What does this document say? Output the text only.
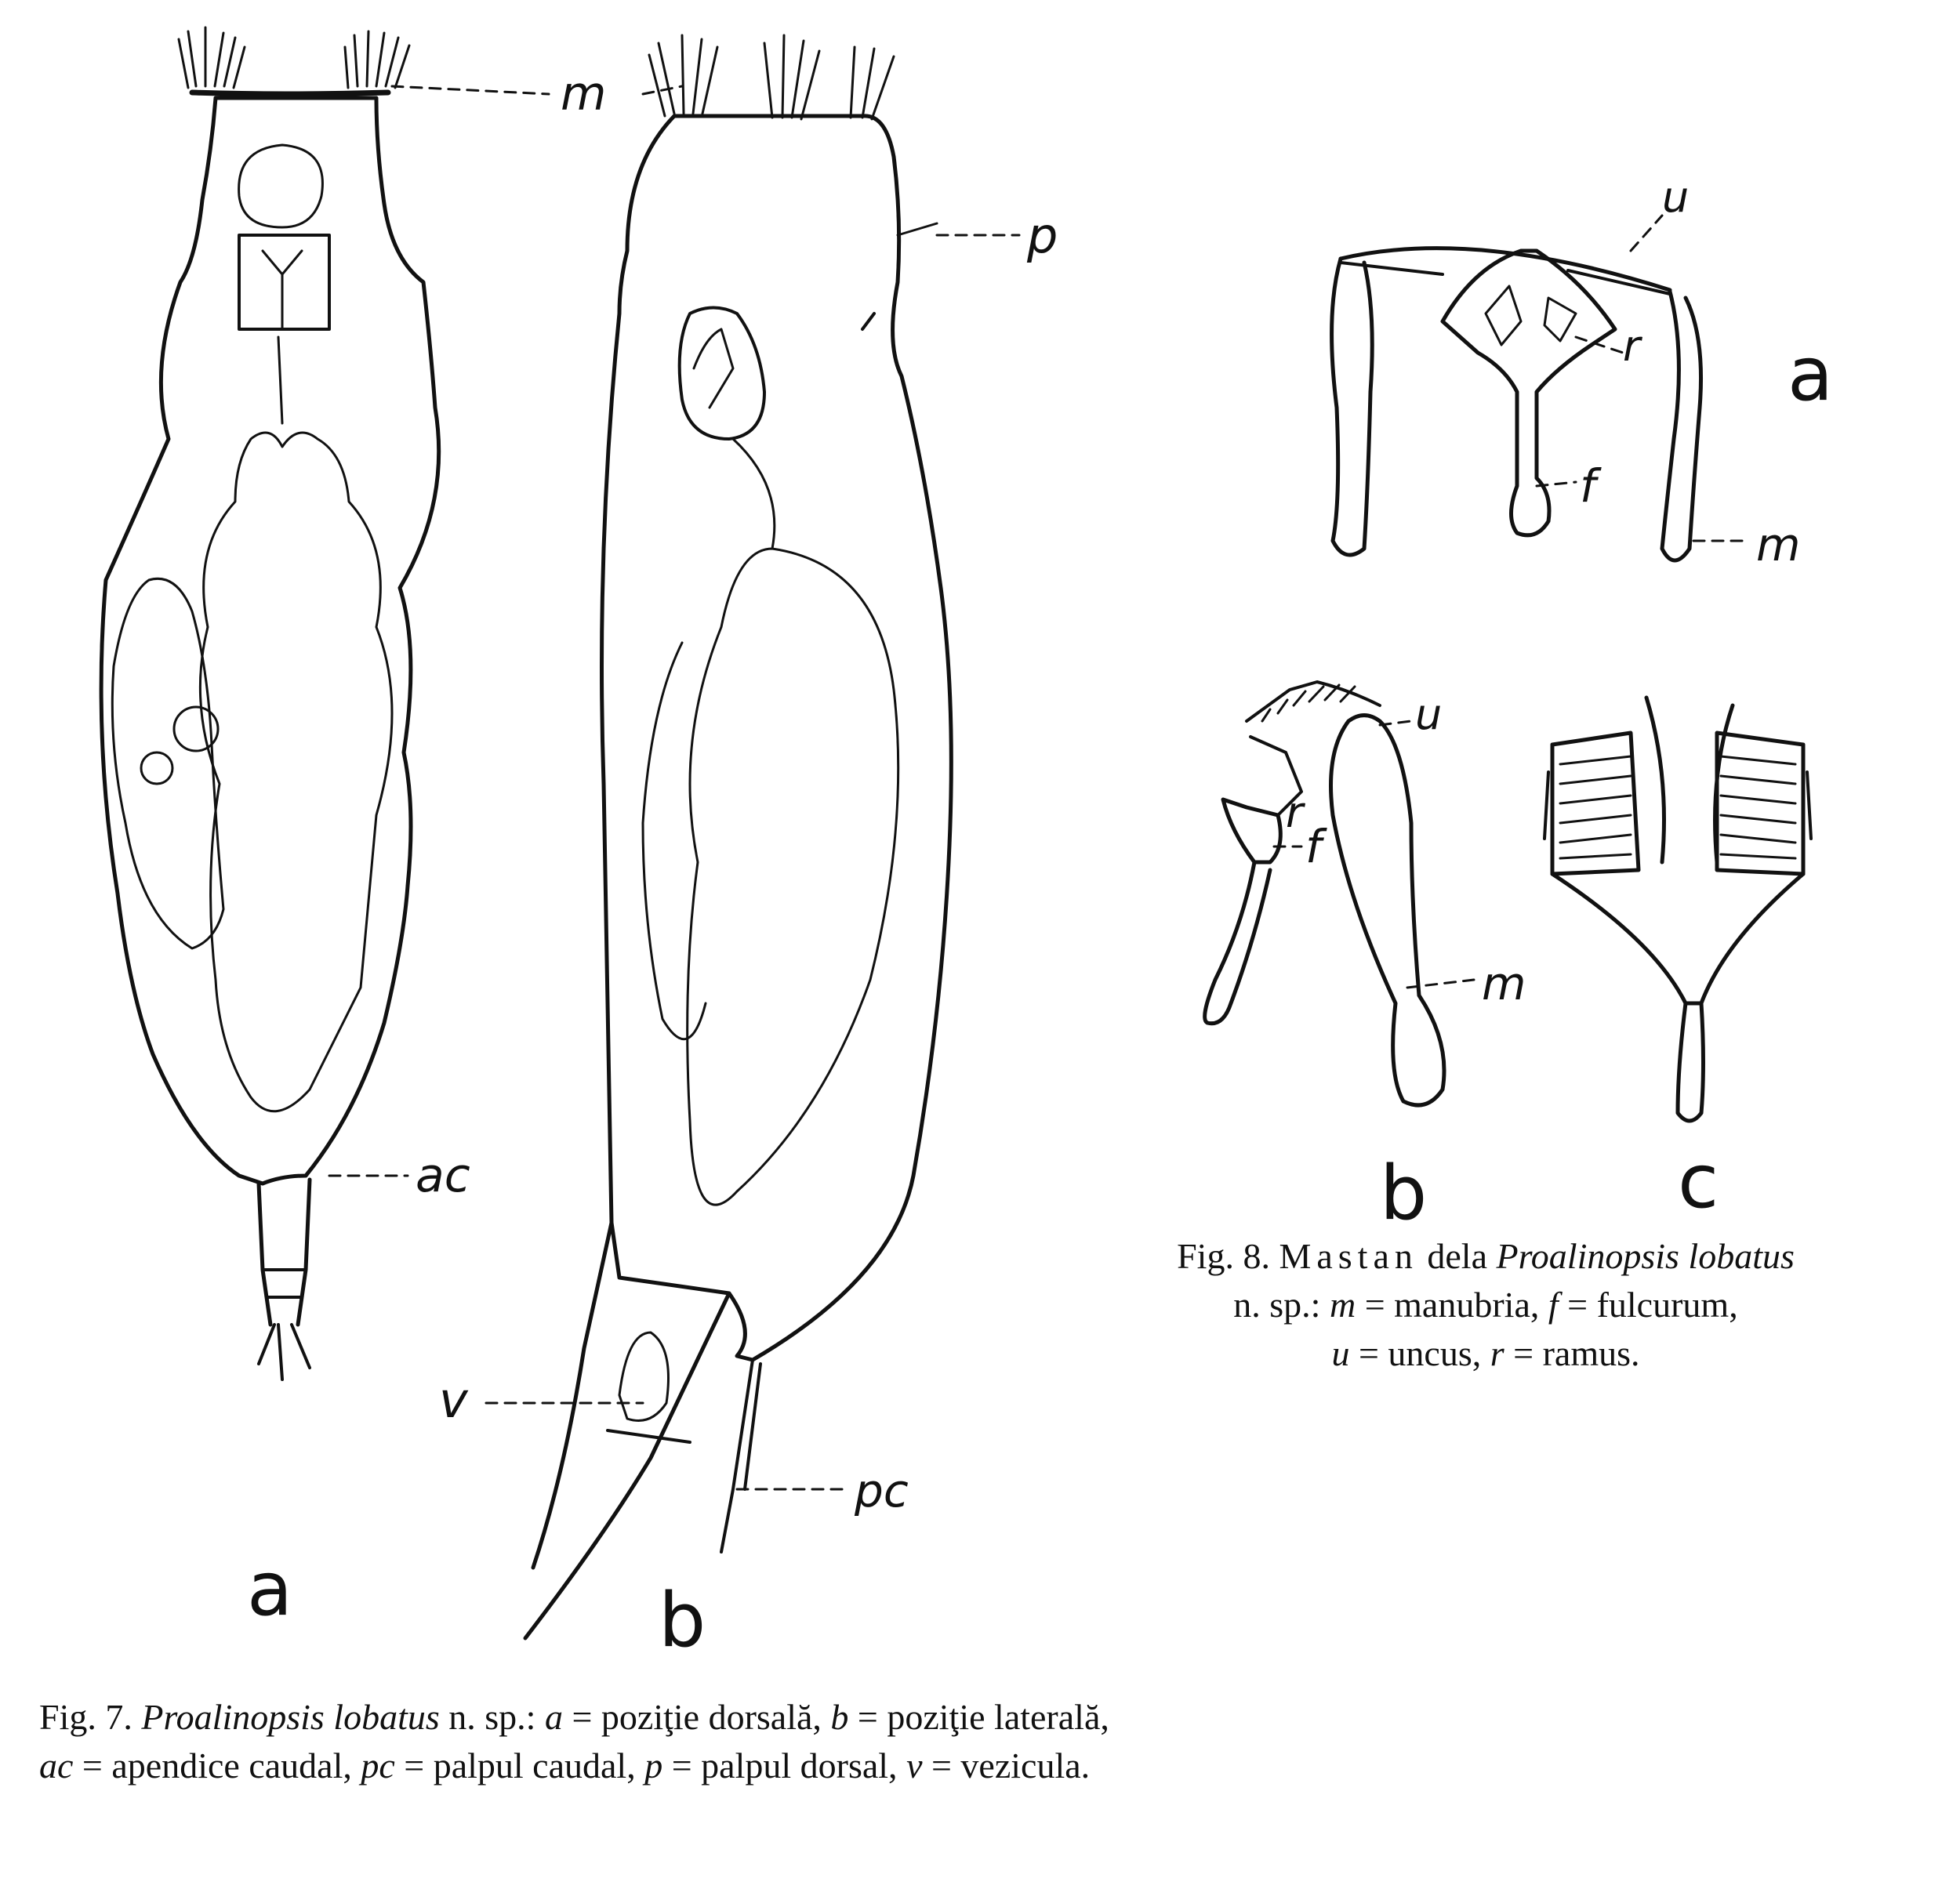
m
p
ac
v
pc
a	b
u
r
f
m
a
u
r
f
m
b	c
Fig. 8. Mastan dela Proalinopsis lobatus
n. sp.: m = manubria, f = fulcurum,
u = uncus, r = ramus.
Fig. 7. Proalinopsis lobatus n. sp.: a = poziţie dorsală, b = poziţie laterală,
ac = apendice caudal, pc = palpul caudal, p = palpul dorsal, v = vezicula.
